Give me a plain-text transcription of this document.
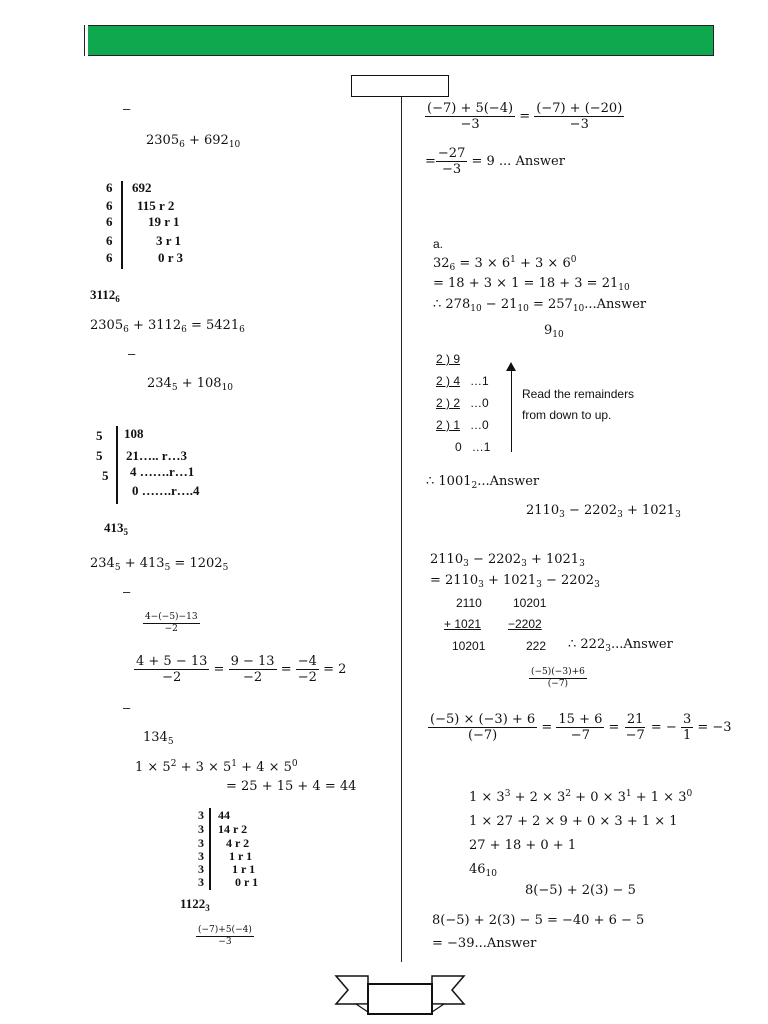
–
$2305_6 + 692_{10}$
6
6
6
6
6
692
115 r 2
19 r 1
3 r 1
0 r 3
$3112_6$
$2305_6 + 3112_6 = 5421_6$
–
$234_5 + 108_{10}$
5
5
5
108
21….. r…3
4 …….r…1
0 …….r….4
$413_5$
$234_5 + 413_5 = 1202_5$
–
$\frac{4-(-5)-13}{-2}$
$\frac{4 + 5 - 13}{-2} = \frac{9 - 13}{-2} = \frac{-4}{-2} = 2$
–
$134_5$
$1 \times 5^2 + 3 \times 5^1 + 4 \times 5^0$
= 25 + 15 + 4 = 44
3
3
3
3
3
3
44
14 r 2
4 r 2
1 r 1
1 r 1
0 r 1
$1122_3$
$\frac{(-7)+5(-4)}{-3}$
$\frac{(-7) + 5(-4)}{-3} = \frac{(-7) + (-20)}{-3}$
= $\frac{-27}{-3} = 9$ ... Answer
a.
$32_6 = 3 \times 6^1 + 3 \times 6^0$
= $18 + 3 \times 1 = 18 + 3 = 21_{10}$
∴ $278_{10} - 21_{10}$ = $257_{10}...Answer$
$9_{10}$
2 ) 9
2 ) 4 …1
2 ) 2 …0
2 ) 1 …0
0 …1
Read the remainders
from down to up.
∴ $1001_2...Answer$
$2110_3 - 2202_3 + 1021_3$
$2110_3 - 2202_3 + 1021_3$
= $2110_3 + 1021_3 - 2202_3$
2110
+ 1021
10201
10201
−2202
222 ∴ $222_3...Answer$
$\frac{(-5)(-3)+6}{(-7)}$
$\frac{(-5) \times (-3) + 6}{(-7)} = \frac{15 + 6}{-7} = \frac{21}{-7}$ = − $\frac{3}{1} = -3$
$1 \times 3^3 + 2 \times 3^2 + 0 \times 3^1 + 1 \times 3^0$
1 × 27 + 2 × 9 + 0 × 3 + 1 × 1
27 + 18 + 0 + 1
$46_{10}$
8(−5) + 2(3) − 5
8(−5) + 2(3) − 5 = −40 + 6 − 5
= −39...Answer
